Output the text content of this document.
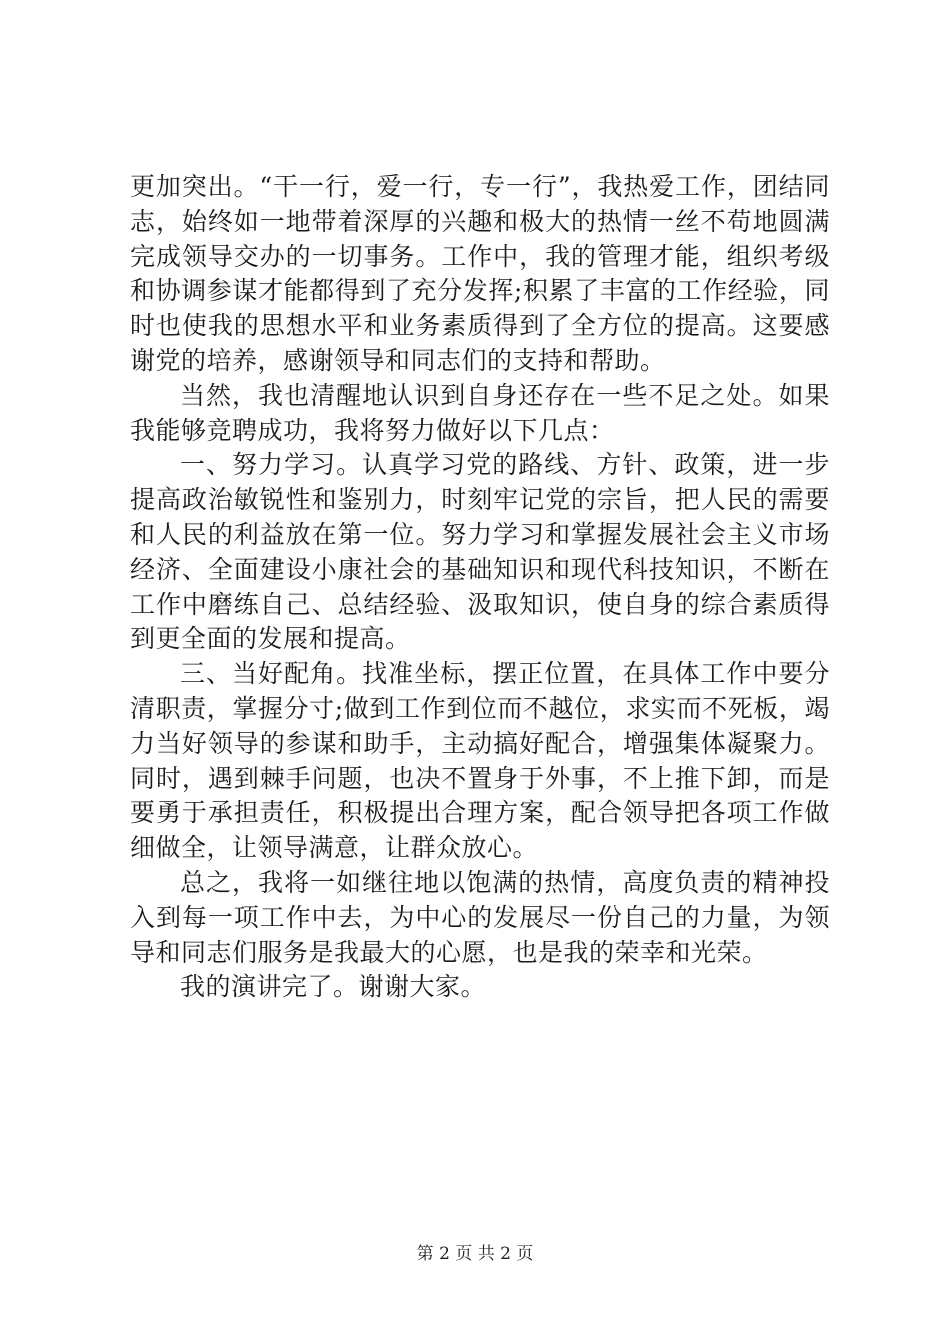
更加突出。“干一行，爱一行，专一行”，我热爱工作，团结同志，始终如一地带着深厚的兴趣和极大的热情一丝不苟地圆满完成领导交办的一切事务。工作中，我的管理才能，组织考级和协调参谋才能都得到了充分发挥;积累了丰富的工作经验，同时也使我的思想水平和业务素质得到了全方位的提高。这要感谢党的培养，感谢领导和同志们的支持和帮助。

当然，我也清醒地认识到自身还存在一些不足之处。如果我能够竞聘成功，我将努力做好以下几点：

一、努力学习。认真学习党的路线、方针、政策，进一步提高政治敏锐性和鉴别力，时刻牢记党的宗旨，把人民的需要和人民的利益放在第一位。努力学习和掌握发展社会主义市场经济、全面建设小康社会的基础知识和现代科技知识，不断在工作中磨练自己、总结经验、汲取知识，使自身的综合素质得到更全面的发展和提高。

三、当好配角。找准坐标，摆正位置，在具体工作中要分清职责，掌握分寸;做到工作到位而不越位，求实而不死板，竭力当好领导的参谋和助手，主动搞好配合，增强集体凝聚力。同时，遇到棘手问题，也决不置身于外事，不上推下卸，而是要勇于承担责任，积极提出合理方案，配合领导把各项工作做细做全，让领导满意，让群众放心。

总之，我将一如继往地以饱满的热情，高度负责的精神投入到每一项工作中去，为中心的发展尽一份自己的力量，为领导和同志们服务是我最大的心愿，也是我的荣幸和光荣。

我的演讲完了。谢谢大家。

第 2 页 共 2 页
